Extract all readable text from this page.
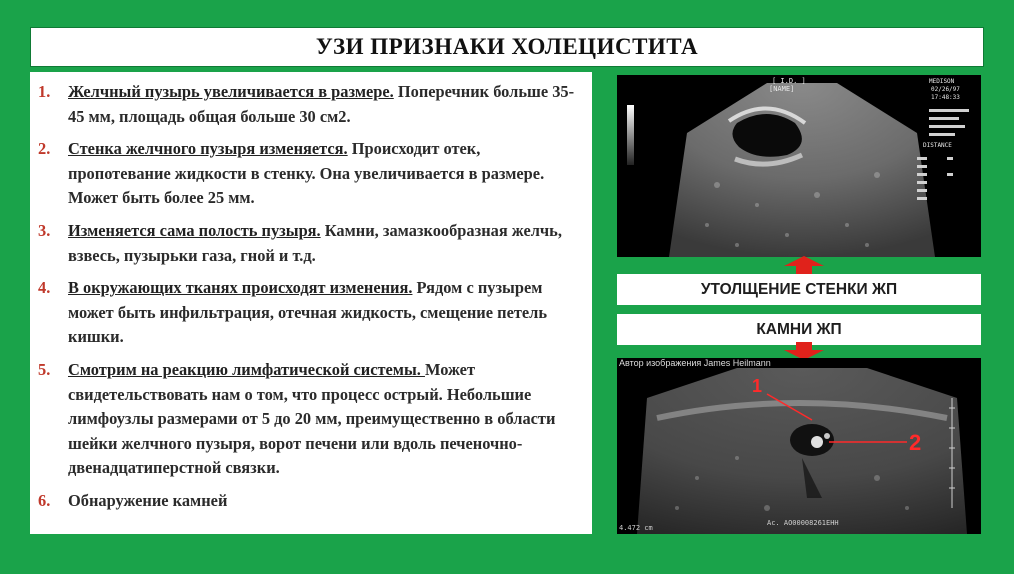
УЗИ ПРИЗНАКИ ХОЛЕЦИСТИТА
1. Желчный пузырь увеличивается в размере. Поперечник больше 35- 45 мм, площадь общая больше 30 см2.
2. Стенка желчного пузыря изменяется. Происходит отек, пропотевание жидкости в стенку. Она увеличивается в размере. Может быть более 25 мм.
3. Изменяется сама полость пузыря. Камни, замазкообразная желчь, взвесь, пузырьки газа, гной и т.д.
4. В окружающих тканях происходят изменения. Рядом с пузырем может быть инфильтрация, отечная жидкость, смещение петель кишки.
5. Смотрим на реакцию лимфатической системы. Может свидетельствовать нам о том, что процесс острый. Небольшие лимфоузлы размерами от 5 до 20 мм, преимущественно в области шейки желчного пузыря, ворот печени или вдоль печеночно-двенадцатиперстной связки.
6. Обнаружение камней
[ I.D. ]
[NAME]
MEDISON
02/26/97
17:48:33
DISTANCE
УТОЛЩЕНИЕ СТЕНКИ ЖП
КАМНИ ЖП
Автор изображения James Heilmann
1
2
4.472 cm
Ac. AO00008261EHH
